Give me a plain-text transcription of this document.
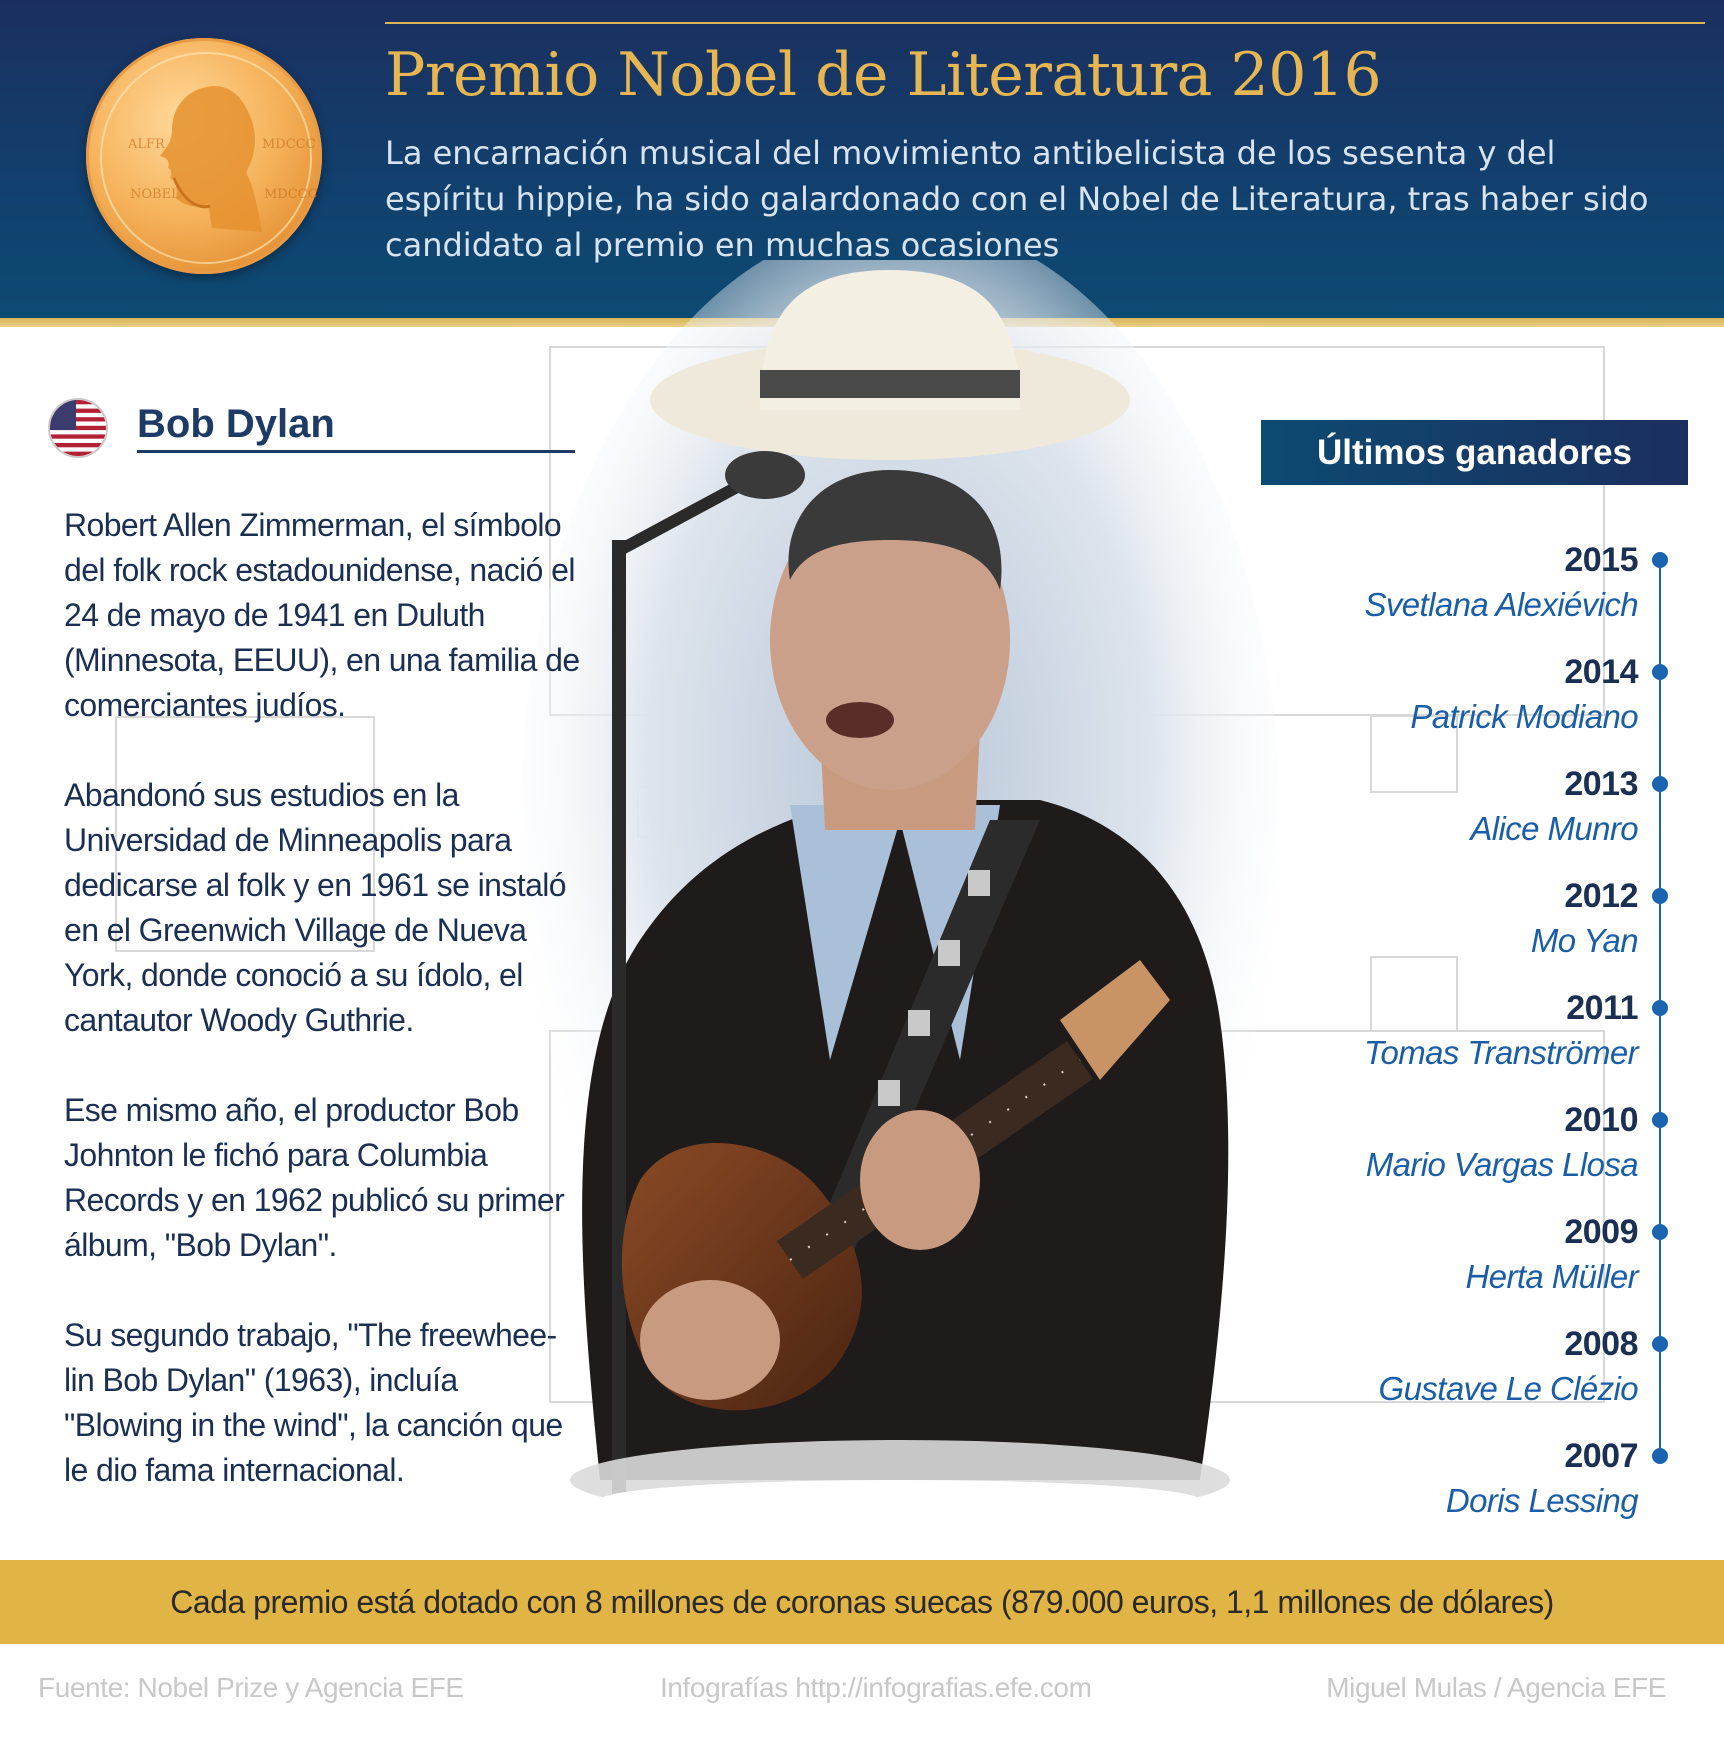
ALFR
NOBEL
MDCCC
MDCCC
Premio Nobel de Literatura 2016

La encarnación musical del movimiento antibelicista de los sesenta y del espíritu hippie, ha sido galardonado con el Nobel de Literatura, tras haber sido candidato al premio en muchas ocasiones

Bob Dylan

Robert Allen Zimmerman, el símbolo del folk rock estadounidense, nació el 24 de mayo de 1941 en Duluth (Minnesota, EEUU), en una familia de comerciantes judíos.

Abandonó sus estudios en la Universidad de Minneapolis para dedicarse al folk y en 1961 se instaló en el Greenwich Village de Nueva York, donde conoció a su ídolo, el cantautor Woody Guthrie.

Ese mismo año, el productor Bob Johnton le fichó para Columbia Records y en 1962 publicó su primer álbum, "Bob Dylan".

Su segundo trabajo, "The freewhee-lin Bob Dylan" (1963), incluía "Blowing in the wind", la canción que le dio fama internacional.

Últimos ganadores
2015
Svetlana Alexiévich
2014
Patrick Modiano
2013
Alice Munro
2012
Mo Yan
2011
Tomas Tranströmer
2010
Mario Vargas Llosa
2009
Herta Müller
2008
Gustave Le Clézio
2007
Doris Lessing
Cada premio está dotado con 8 millones de coronas suecas (879.000 euros, 1,1 millones de dólares)
Fuente: Nobel Prize y Agencia EFE	Infografías http://infografias.efe.com	Miguel Mulas / Agencia EFE
